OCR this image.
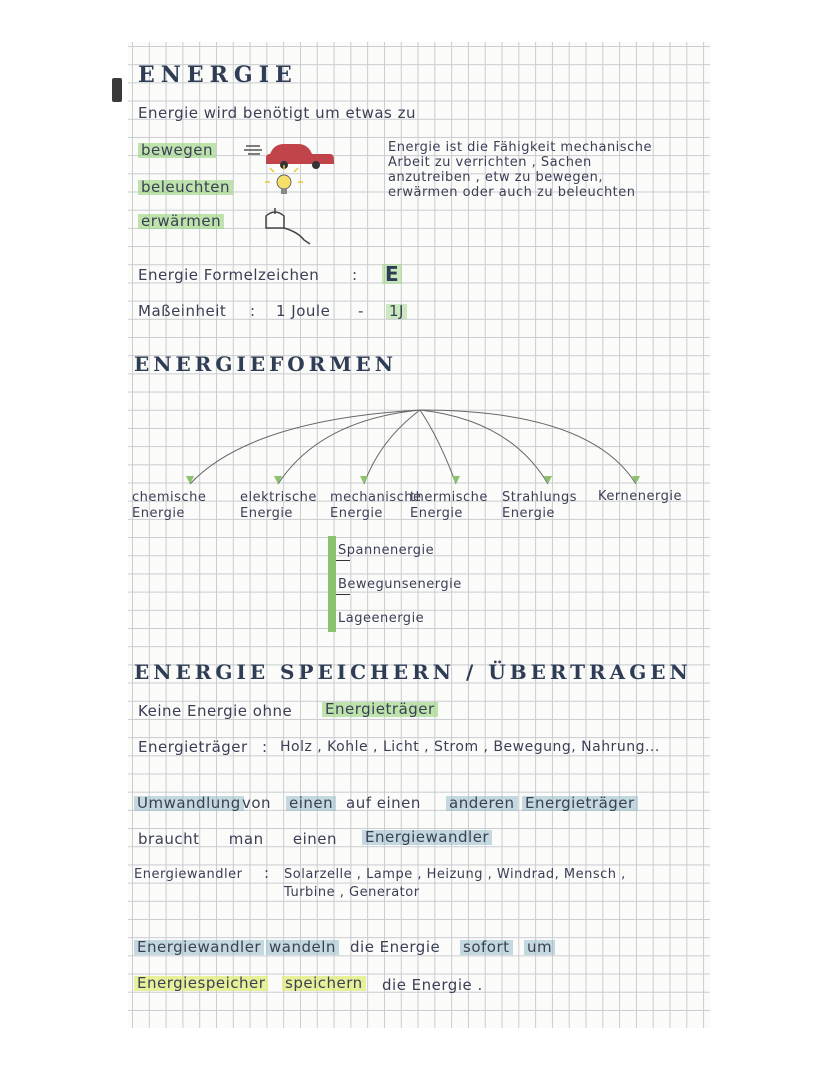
ENERGIE
Energie wird benötigt um etwas zu
bewegen
beleuchten
erwärmen
Energie ist die Fähigkeit mechanische
Arbeit zu verrichten , Sachen
anzutreiben , etw zu bewegen,
erwärmen oder auch zu beleuchten
Energie Formelzeichen : E
Maßeinheit : 1 Joule - 1J
ENERGIEFORMEN
chemische Energie
elektrische Energie
mechanische Energie
thermische Energie
Strahlungs Energie
Kernenergie
Spannenergie
Bewegunsenergie
Lageenergie
ENERGIE SPEICHERN / ÜBERTRAGEN
Keine Energie ohne Energieträger
Energieträger : Holz , Kohle , Licht , Strom , Bewegung, Nahrung...
Umwandlung von einen auf einen anderen Energieträger
braucht man einen Energiewandler
Energiewandler : Solarzelle , Lampe , Heizung , Windrad, Mensch ,
Turbine , Generator
Energiewandler wandeln die Energie sofort um
Energiespeicher speichern die Energie .
